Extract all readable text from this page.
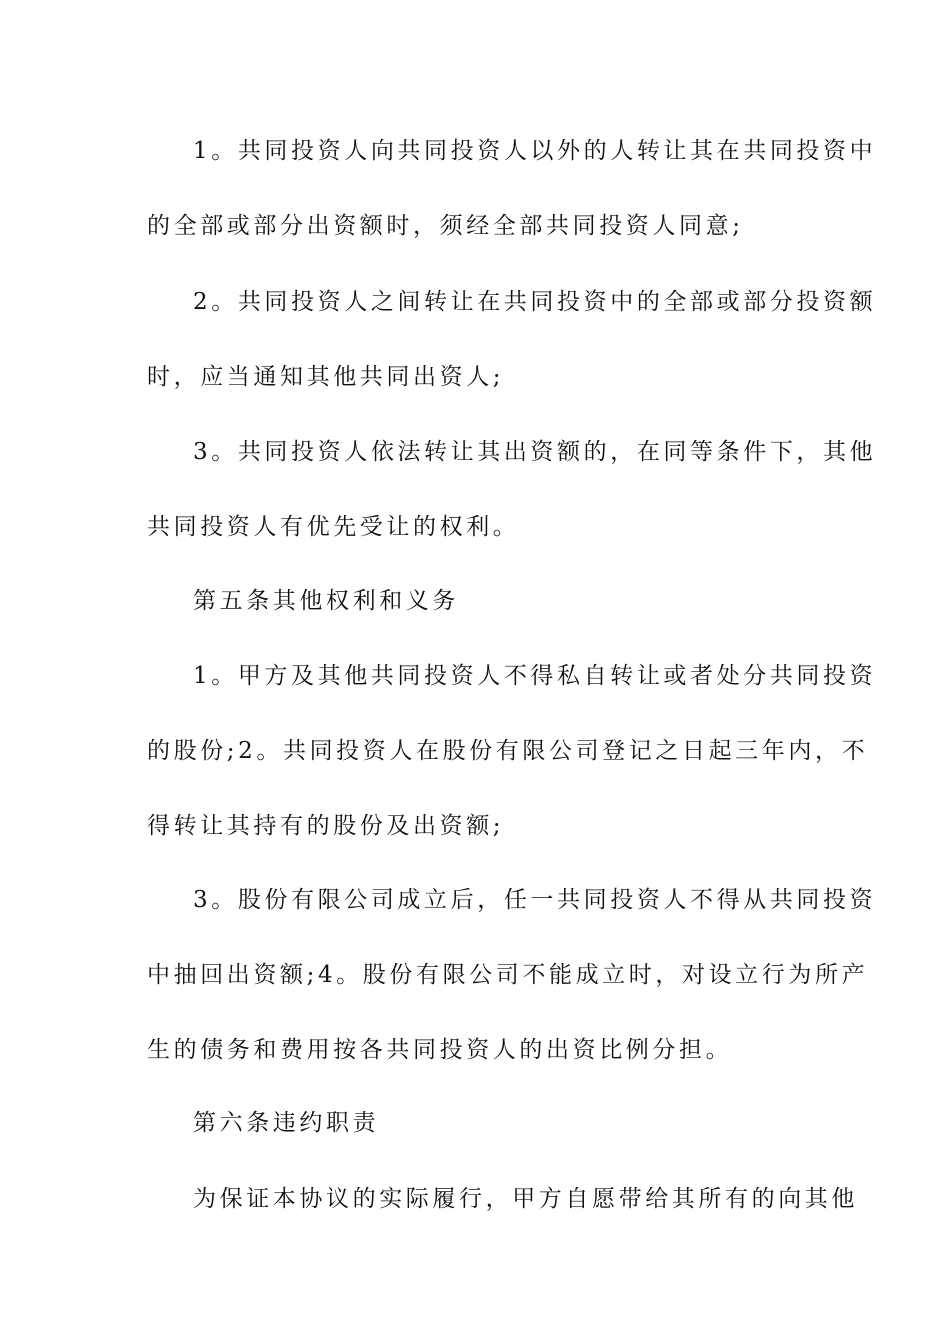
1。共同投资人向共同投资人以外的人转让其在共同投资中
的全部或部分出资额时，须经全部共同投资人同意;
2。共同投资人之间转让在共同投资中的全部或部分投资额
时，应当通知其他共同出资人;
3。共同投资人依法转让其出资额的，在同等条件下，其他
共同投资人有优先受让的权利。
第五条其他权利和义务
1。甲方及其他共同投资人不得私自转让或者处分共同投资
的股份;2。共同投资人在股份有限公司登记之日起三年内，不
得转让其持有的股份及出资额;
3。股份有限公司成立后，任一共同投资人不得从共同投资
中抽回出资额;4。股份有限公司不能成立时，对设立行为所产
生的债务和费用按各共同投资人的出资比例分担。
第六条违约职责
为保证本协议的实际履行，甲方自愿带给其所有的向其他
